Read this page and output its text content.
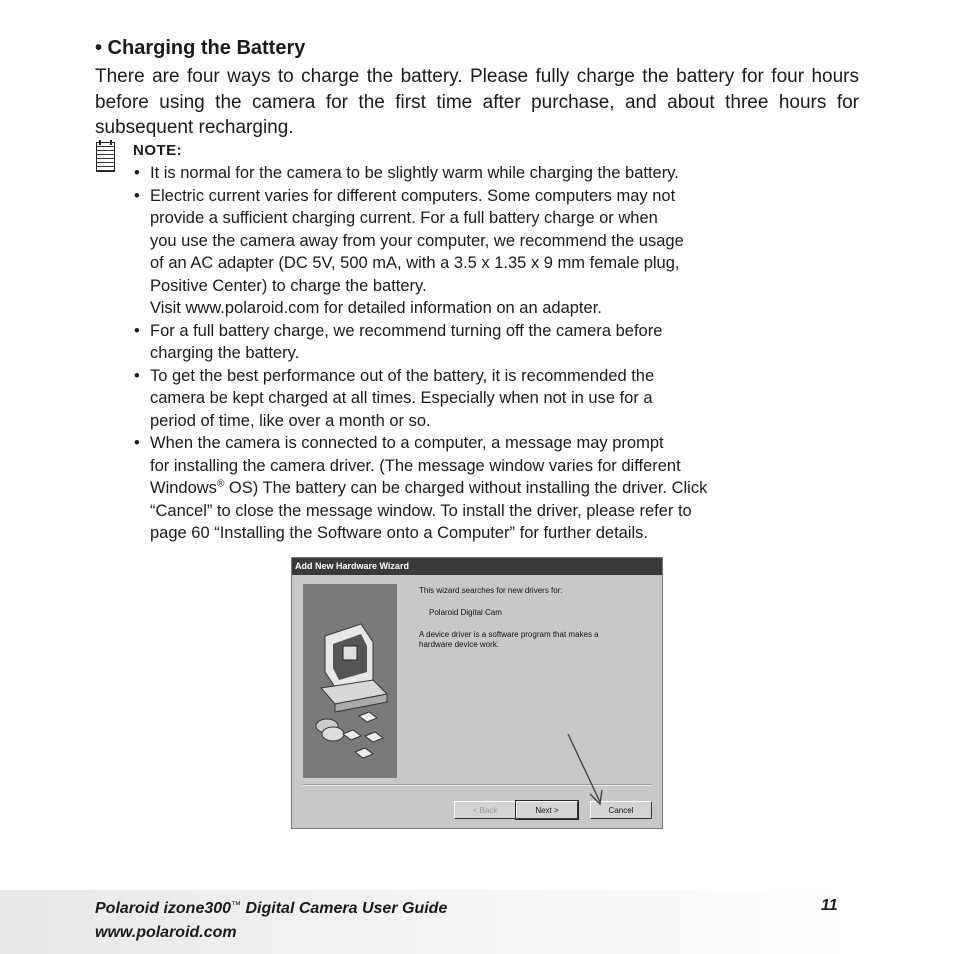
• Charging the Battery

There are four ways to charge the battery. Please fully charge the battery for four hours before using the camera for the first time after purchase, and about three hours for subsequent recharging.

NOTE:
• It is normal for the camera to be slightly warm while charging the battery.
• Electric current varies for different computers. Some computers may not
provide a sufficient charging current. For a full battery charge or when
you use the camera away from your computer, we recommend the usage
of an AC adapter (DC 5V, 500 mA, with a 3.5 x 1.35 x 9 mm female plug,
Positive Center) to charge the battery.
Visit www.polaroid.com for detailed information on an adapter.
• For a full battery charge, we recommend turning off the camera before
charging the battery.
• To get the best performance out of the battery, it is recommended the
camera be kept charged at all times. Especially when not in use for a
period of time, like over a month or so.
• When the camera is connected to a computer, a message may prompt
for installing the camera driver. (The message window varies for different
Windows® OS) The battery can be charged without installing the driver. Click
“Cancel” to close the message window. To install the driver, please refer to
page 60 “Installing the Software onto a Computer” for further details.
Add New Hardware Wizard

This wizard searches for new drivers for:

Polaroid Digital Cam

A device driver is a software program that makes a hardware device work.

< Back	Next >	Cancel
Polaroid izone300™ Digital Camera User Guide
www.polaroid.com
11
